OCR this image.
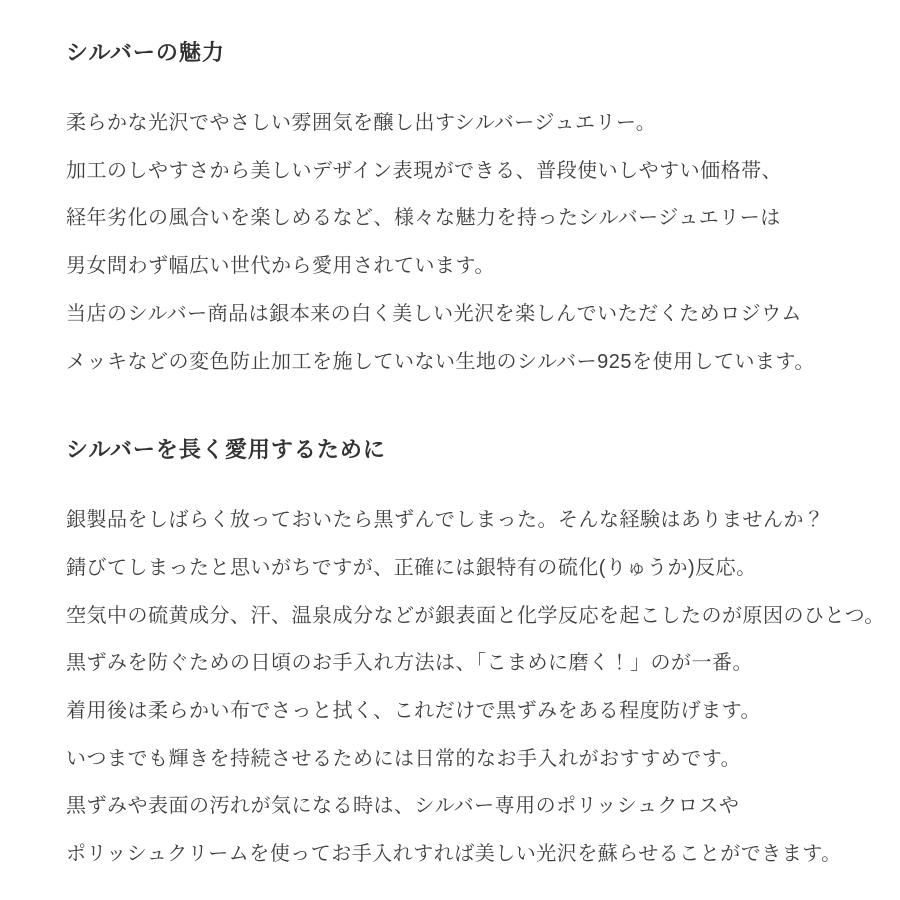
シルバーの魅力

柔らかな光沢でやさしい雰囲気を醸し出すシルバージュエリー。

加工のしやすさから美しいデザイン表現ができる、普段使いしやすい価格帯、

経年劣化の風合いを楽しめるなど、様々な魅力を持ったシルバージュエリーは

男女問わず幅広い世代から愛用されています。

当店のシルバー商品は銀本来の白く美しい光沢を楽しんでいただくためロジウム

メッキなどの変色防止加工を施していない生地のシルバー925を使用しています。

シルバーを長く愛用するために

銀製品をしばらく放っておいたら黒ずんでしまった。そんな経験はありませんか？

錆びてしまったと思いがちですが、正確には銀特有の硫化(りゅうか)反応。

空気中の硫黄成分、汗、温泉成分などが銀表面と化学反応を起こしたのが原因のひとつ。

黒ずみを防ぐための日頃のお手入れ方法は、「こまめに磨く！」のが一番。

着用後は柔らかい布でさっと拭く、これだけで黒ずみをある程度防げます。

いつまでも輝きを持続させるためには日常的なお手入れがおすすめです。

黒ずみや表面の汚れが気になる時は、シルバー専用のポリッシュクロスや

ポリッシュクリームを使ってお手入れすれば美しい光沢を蘇らせることができます。
